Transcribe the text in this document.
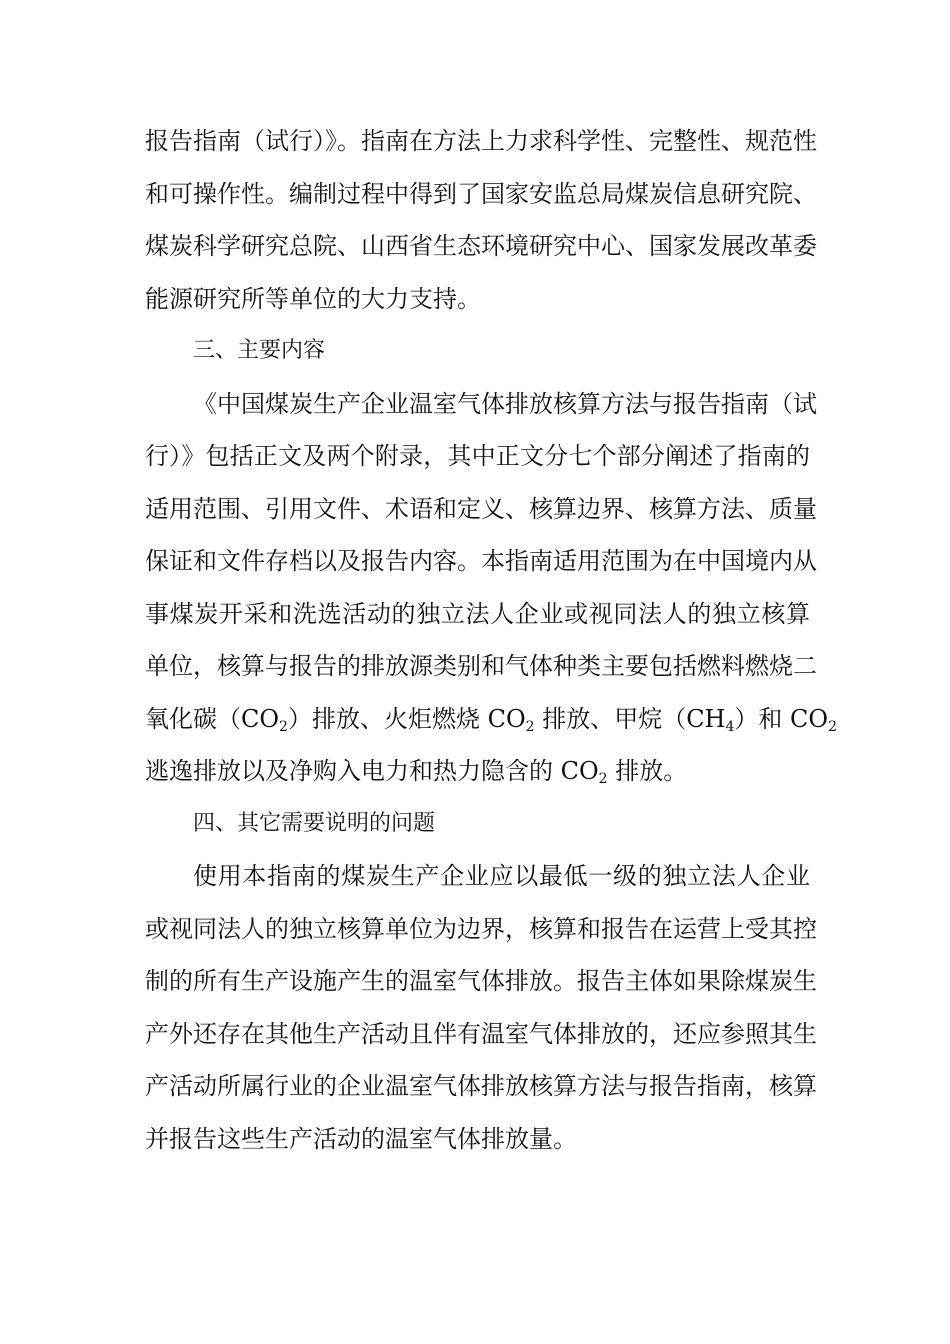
报告指南（试行）》。指南在方法上力求科学性、完整性、规范性
和可操作性。编制过程中得到了国家安监总局煤炭信息研究院、
煤炭科学研究总院、山西省生态环境研究中心、国家发展改革委
能源研究所等单位的大力支持。
三、主要内容
《中国煤炭生产企业温室气体排放核算方法与报告指南（试
行）》包括正文及两个附录，其中正文分七个部分阐述了指南的
适用范围、引用文件、术语和定义、核算边界、核算方法、质量
保证和文件存档以及报告内容。本指南适用范围为在中国境内从
事煤炭开采和洗选活动的独立法人企业或视同法人的独立核算
单位，核算与报告的排放源类别和气体种类主要包括燃料燃烧二
氧化碳$(CO_2)$排放、火炬燃烧 $CO_2$ 排放、甲烷$(CH_4)$和 $CO_2$
逃逸排放以及净购入电力和热力隐含的 $CO_2$ 排放。
四、其它需要说明的问题
使用本指南的煤炭生产企业应以最低一级的独立法人企业
或视同法人的独立核算单位为边界，核算和报告在运营上受其控
制的所有生产设施产生的温室气体排放。报告主体如果除煤炭生
产外还存在其他生产活动且伴有温室气体排放的，还应参照其生
产活动所属行业的企业温室气体排放核算方法与报告指南，核算
并报告这些生产活动的温室气体排放量。
